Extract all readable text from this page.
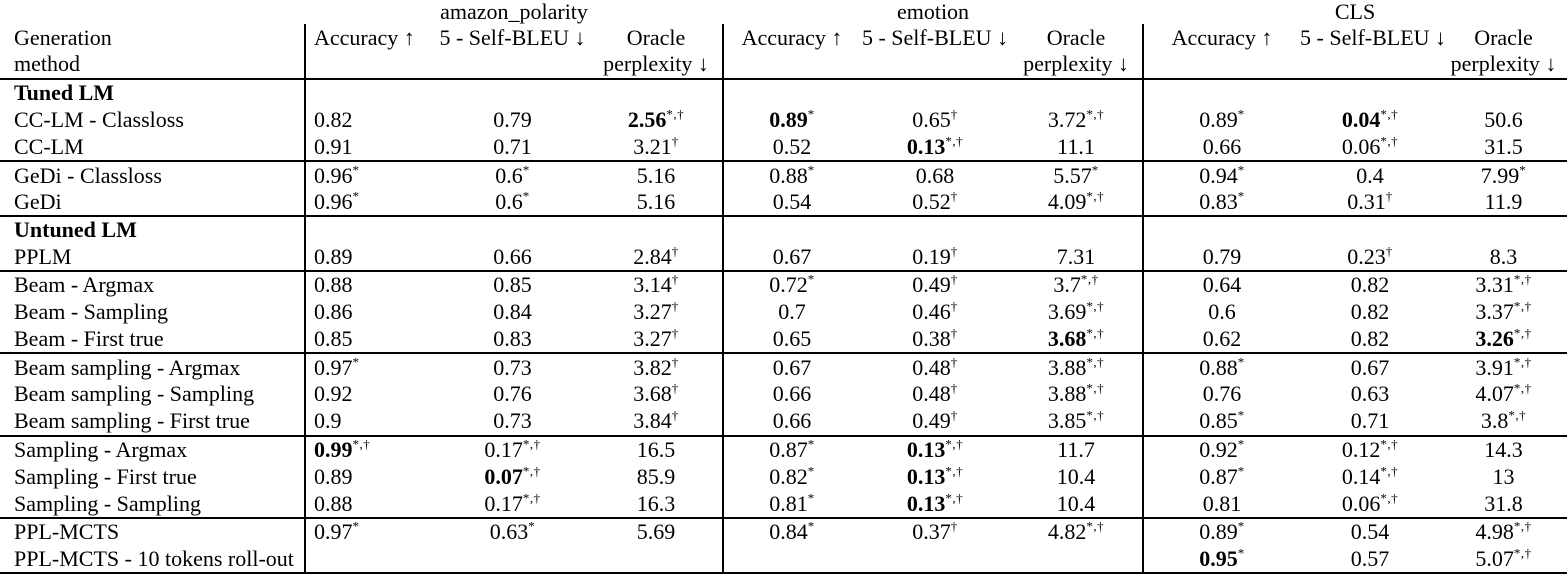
	amazon_polarity			emotion			CLS		
Generation	Accuracy ↑	5 - Self-BLEU ↓	Oracle	Accuracy ↑	5 - Self-BLEU ↓	Oracle	Accuracy ↑	5 - Self-BLEU ↓	Oracle
method			perplexity ↓			perplexity ↓			perplexity ↓
Tuned LM									
CC-LM - Classloss	0.82	0.79	2.56*,†	0.89*	0.65†	3.72*,†	0.89*	0.04*,†	50.6
CC-LM	0.91	0.71	3.21†	0.52	0.13*,†	11.1	0.66	0.06*,†	31.5
GeDi - Classloss	0.96*	0.6*	5.16	0.88*	0.68	5.57*	0.94*	0.4	7.99*
GeDi	0.96*	0.6*	5.16	0.54	0.52†	4.09*,†	0.83*	0.31†	11.9
Untuned LM									
PPLM	0.89	0.66	2.84†	0.67	0.19†	7.31	0.79	0.23†	8.3
Beam - Argmax	0.88	0.85	3.14†	0.72*	0.49†	3.7*,†	0.64	0.82	3.31*,†
Beam - Sampling	0.86	0.84	3.27†	0.7	0.46†	3.69*,†	0.6	0.82	3.37*,†
Beam - First true	0.85	0.83	3.27†	0.65	0.38†	3.68*,†	0.62	0.82	3.26*,†
Beam sampling - Argmax	0.97*	0.73	3.82†	0.67	0.48†	3.88*,†	0.88*	0.67	3.91*,†
Beam sampling - Sampling	0.92	0.76	3.68†	0.66	0.48†	3.88*,†	0.76	0.63	4.07*,†
Beam sampling - First true	0.9	0.73	3.84†	0.66	0.49†	3.85*,†	0.85*	0.71	3.8*,†
Sampling - Argmax	0.99*,†	0.17*,†	16.5	0.87*	0.13*,†	11.7	0.92*	0.12*,†	14.3
Sampling - First true	0.89	0.07*,†	85.9	0.82*	0.13*,†	10.4	0.87*	0.14*,†	13
Sampling - Sampling	0.88	0.17*,†	16.3	0.81*	0.13*,†	10.4	0.81	0.06*,†	31.8
PPL-MCTS	0.97*	0.63*	5.69	0.84*	0.37†	4.82*,†	0.89*	0.54	4.98*,†
PPL-MCTS - 10 tokens roll-out							0.95*	0.57	5.07*,†
